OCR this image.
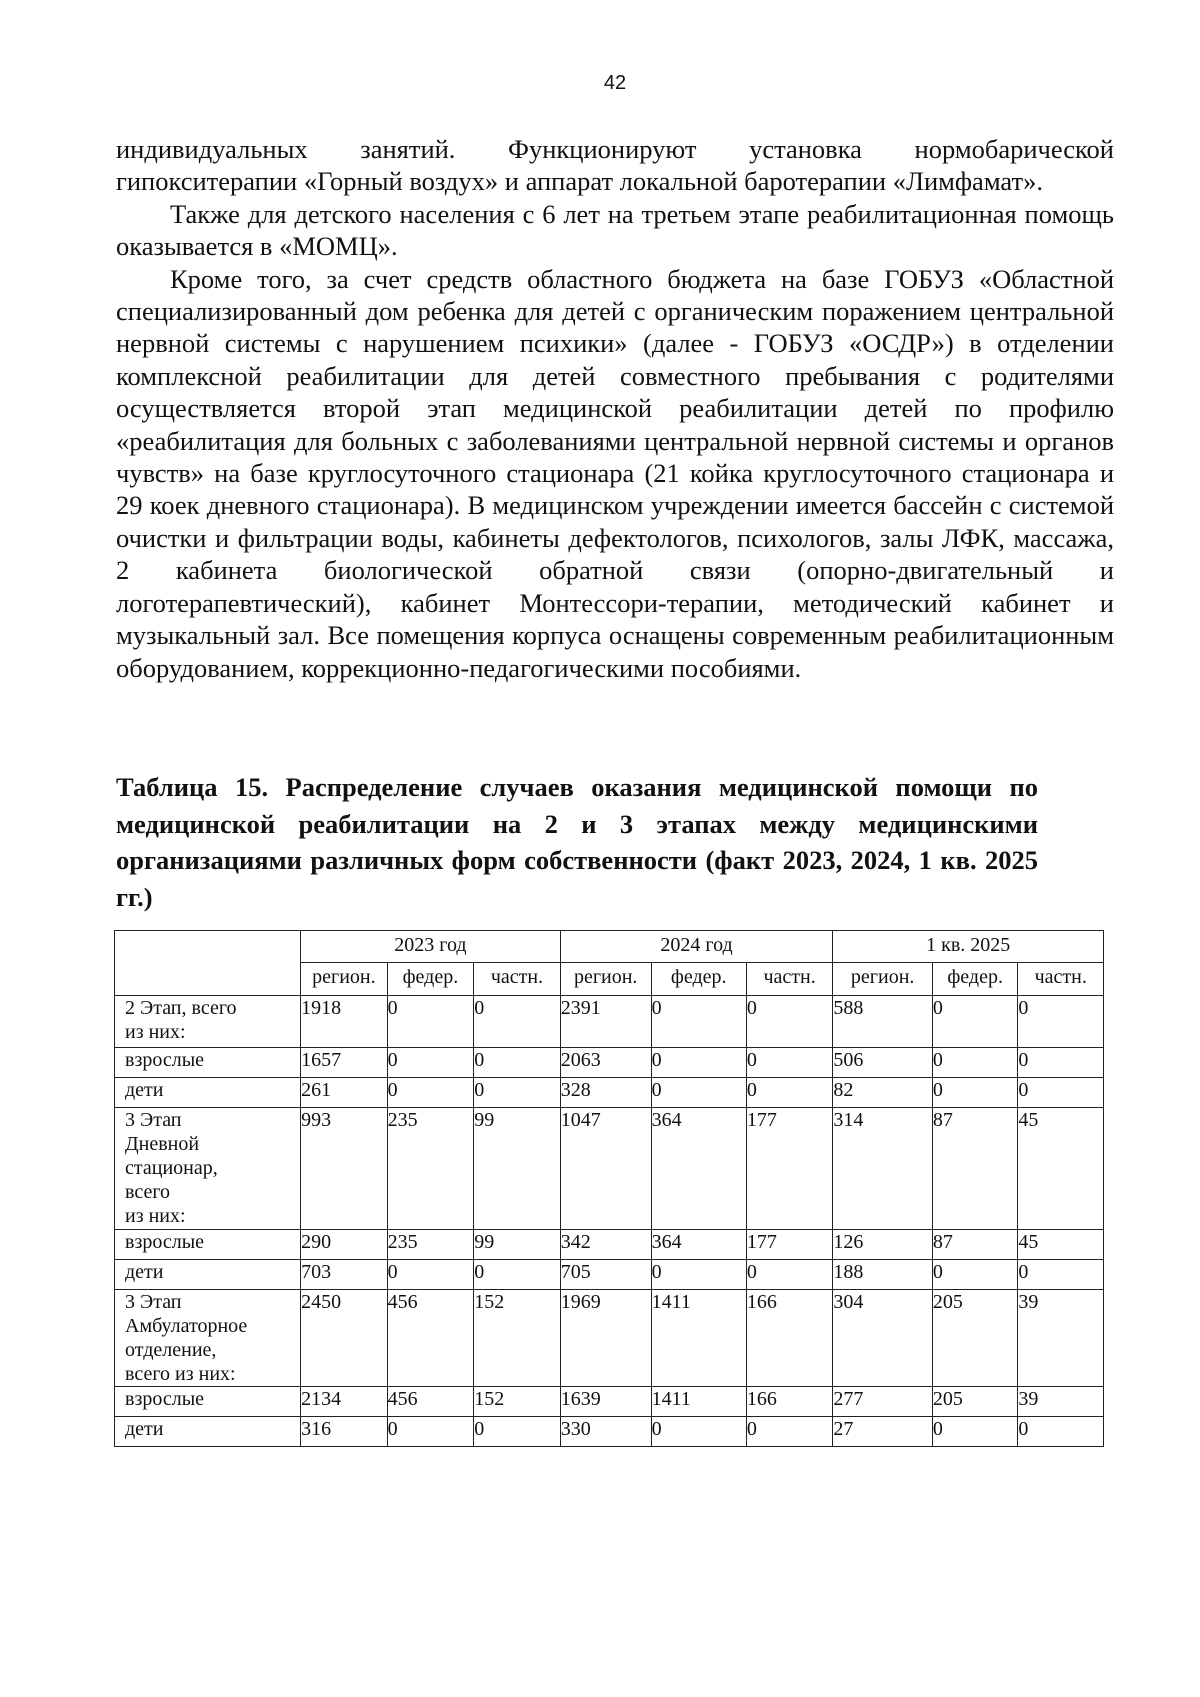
42

индивидуальных занятий. Функционируют установка нормобарической гипокситерапии «Горный воздух» и аппарат локальной баротерапии «Лимфамат».

Также для детского населения с 6 лет на третьем этапе реабилитационная помощь оказывается в «МОМЦ».

Кроме того, за счет средств областного бюджета на базе ГОБУЗ «Областной специализированный дом ребенка для детей с органическим поражением центральной нервной системы с нарушением психики» (далее - ГОБУЗ «ОСДР») в отделении комплексной реабилитации для детей совместного пребывания с родителями осуществляется второй этап медицинской реабилитации детей по профилю «реабилитация для больных с заболеваниями центральной нервной системы и органов чувств» на базе круглосуточного стационара (21 койка круглосуточного стационара и 29 коек дневного стационара). В медицинском учреждении имеется бассейн с системой очистки и фильтрации воды, кабинеты дефектологов, психологов, залы ЛФК, массажа, 2 кабинета биологической обратной связи (опорно-двигательный и логотерапевтический), кабинет Монтессори-терапии, методический кабинет и музыкальный зал. Все помещения корпуса оснащены современным реабилитационным оборудованием, коррекционно-педагогическими пособиями.

Таблица 15. Распределение случаев оказания медицинской помощи по медицинской реабилитации на 2 и 3 этапах между медицинскими организациями различных форм собственности (факт 2023, 2024, 1 кв. 2025 гг.)
	2023 год			2024 год			1 кв. 2025		
	регион.	федер.	частн.	регион.	федер.	частн.	регион.	федер.	частн.
2 Этап, всего
из них:	1918	0	0	2391	0	0	588	0	0
взрослые	1657	0	0	2063	0	0	506	0	0
дети	261	0	0	328	0	0	82	0	0
3 Этап
Дневной
стационар,
всего
из них:	993	235	99	1047	364	177	314	87	45
взрослые	290	235	99	342	364	177	126	87	45
дети	703	0	0	705	0	0	188	0	0
3 Этап
Амбулаторное
отделение,
всего из них:	2450	456	152	1969	1411	166	304	205	39
взрослые	2134	456	152	1639	1411	166	277	205	39
дети	316	0	0	330	0	0	27	0	0
